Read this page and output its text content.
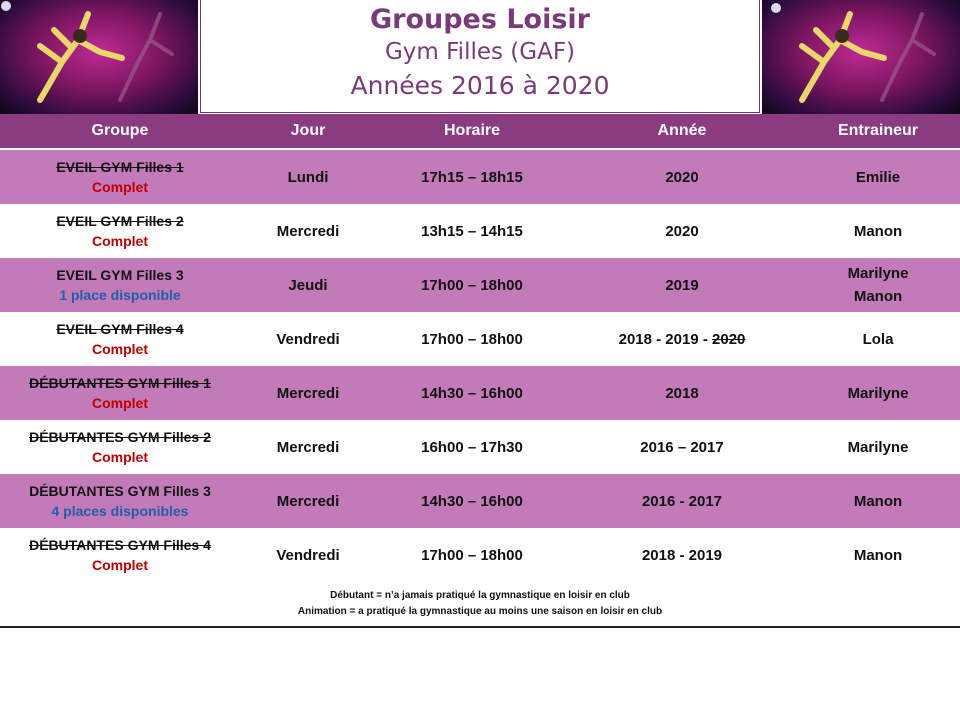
Groupes Loisir
Gym Filles (GAF)
Années 2016 à 2020
Groupe	Jour	Horaire	Année	Entraineur

EVEIL GYM Filles 1
Complet	Lundi	17h15 – 18h15	2020	Emilie

EVEIL GYM Filles 2
Complet	Mercredi	13h15 – 14h15	2020	Manon

EVEIL GYM Filles 3
1 place disponible	Jeudi	17h00 – 18h00	2019	Marilyne
Manon

EVEIL GYM Filles 4
Complet	Vendredi	17h00 – 18h00	2018 - 2019 - 2020	Lola

DÉBUTANTES GYM Filles 1
Complet	Mercredi	14h30 – 16h00	2018	Marilyne

DÉBUTANTES GYM Filles 2
Complet	Mercredi	16h00 – 17h30	2016 – 2017	Marilyne

DÉBUTANTES GYM Filles 3
4 places disponibles	Mercredi	14h30 – 16h00	2016 - 2017	Manon

DÉBUTANTES GYM Filles 4
Complet	Vendredi	17h00 – 18h00	2018 - 2019	Manon
Débutant = n’a jamais pratiqué la gymnastique en loisir en club
Animation = a pratiqué la gymnastique au moins une saison en loisir en club
